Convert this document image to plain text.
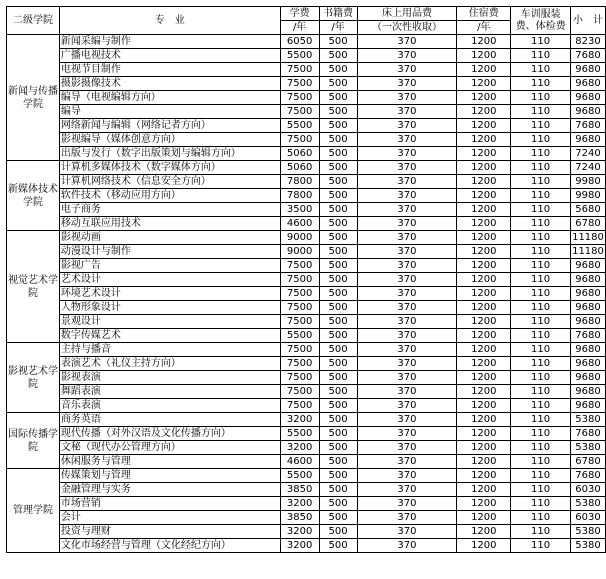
二级学院	专　业	学费	书籍费	床上用品费	住宿费	车训服装费、体检费	小　计
		/年	/年	（一次性收取）	/年		
新闻与传播学院	新闻采编与制作	6050	500	370	1200	110	8230
	广播电视技术	5500	500	370	1200	110	7680
	电视节目制作	7500	500	370	1200	110	9680
	摄影摄像技术	7500	500	370	1200	110	9680
	编导（电视编辑方向）	7500	500	370	1200	110	9680
	编导	7500	500	370	1200	110	9680
	网络新闻与编辑（网络记者方向）	5500	500	370	1200	110	7680
	影视编导（媒体创意方向）	7500	500	370	1200	110	9680
	出版与发行（数字出版策划与编辑方向）	5060	500	370	1200	110	7240
新媒体技术学院	计算机多媒体技术（数字媒体方向）	5060	500	370	1200	110	7240
	计算机网络技术（信息安全方向）	7800	500	370	1200	110	9980
	软件技术（移动应用方向）	7800	500	370	1200	110	9980
	电子商务	3500	500	370	1200	110	5680
	移动互联应用技术	4600	500	370	1200	110	6780
视觉艺术学院	影视动画	9000	500	370	1200	110	11180
	动漫设计与制作	9000	500	370	1200	110	11180
	影视广告	7500	500	370	1200	110	9680
	艺术设计	7500	500	370	1200	110	9680
	环境艺术设计	7500	500	370	1200	110	9680
	人物形象设计	7500	500	370	1200	110	9680
	景观设计	7500	500	370	1200	110	9680
	数字传媒艺术	5500	500	370	1200	110	7680
影视艺术学院	主持与播音	7500	500	370	1200	110	9680
	表演艺术（礼仪主持方向）	7500	500	370	1200	110	9680
	影视表演	7500	500	370	1200	110	9680
	舞蹈表演	7500	500	370	1200	110	9680
	音乐表演	7500	500	370	1200	110	9680
国际传播学院	商务英语	3200	500	370	1200	110	5380
	现代传播（对外汉语及文化传播方向）	5500	500	370	1200	110	7680
	文秘（现代办公管理方向）	3200	500	370	1200	110	5380
	休闲服务与管理	4600	500	370	1200	110	6780
管理学院	传媒策划与管理	5500	500	370	1200	110	7680
	金融管理与实务	3850	500	370	1200	110	6030
	市场营销	3200	500	370	1200	110	5380
	会计	3850	500	370	1200	110	6030
	投资与理财	3200	500	370	1200	110	5380
	文化市场经营与管理（文化经纪方向）	3200	500	370	1200	110	5380
